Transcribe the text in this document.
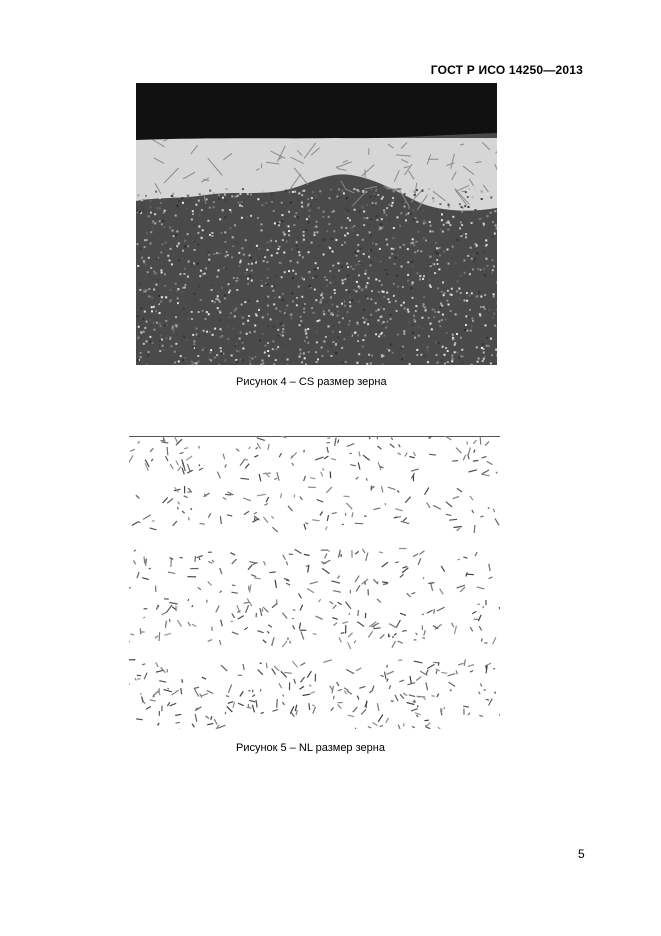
ГОСТ Р ИСО 14250—2013
Рисунок 4 – CS размер зерна
Рисунок 5 – NL размер зерна
5
